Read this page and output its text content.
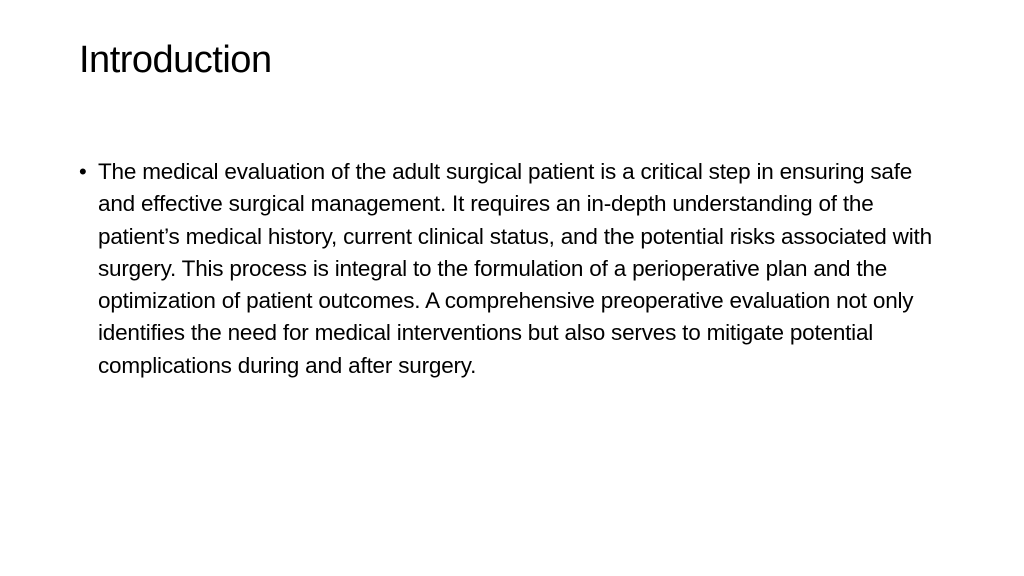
Introduction
• The medical evaluation of the adult surgical patient is a critical step in ensuring safe and effective surgical management. It requires an in-depth understanding of the patient’s medical history, current clinical status, and the potential risks associated with surgery. This process is integral to the formulation of a perioperative plan and the optimization of patient outcomes. A comprehensive preoperative evaluation not only identifies the need for medical interventions but also serves to mitigate potential complications during and after surgery.
